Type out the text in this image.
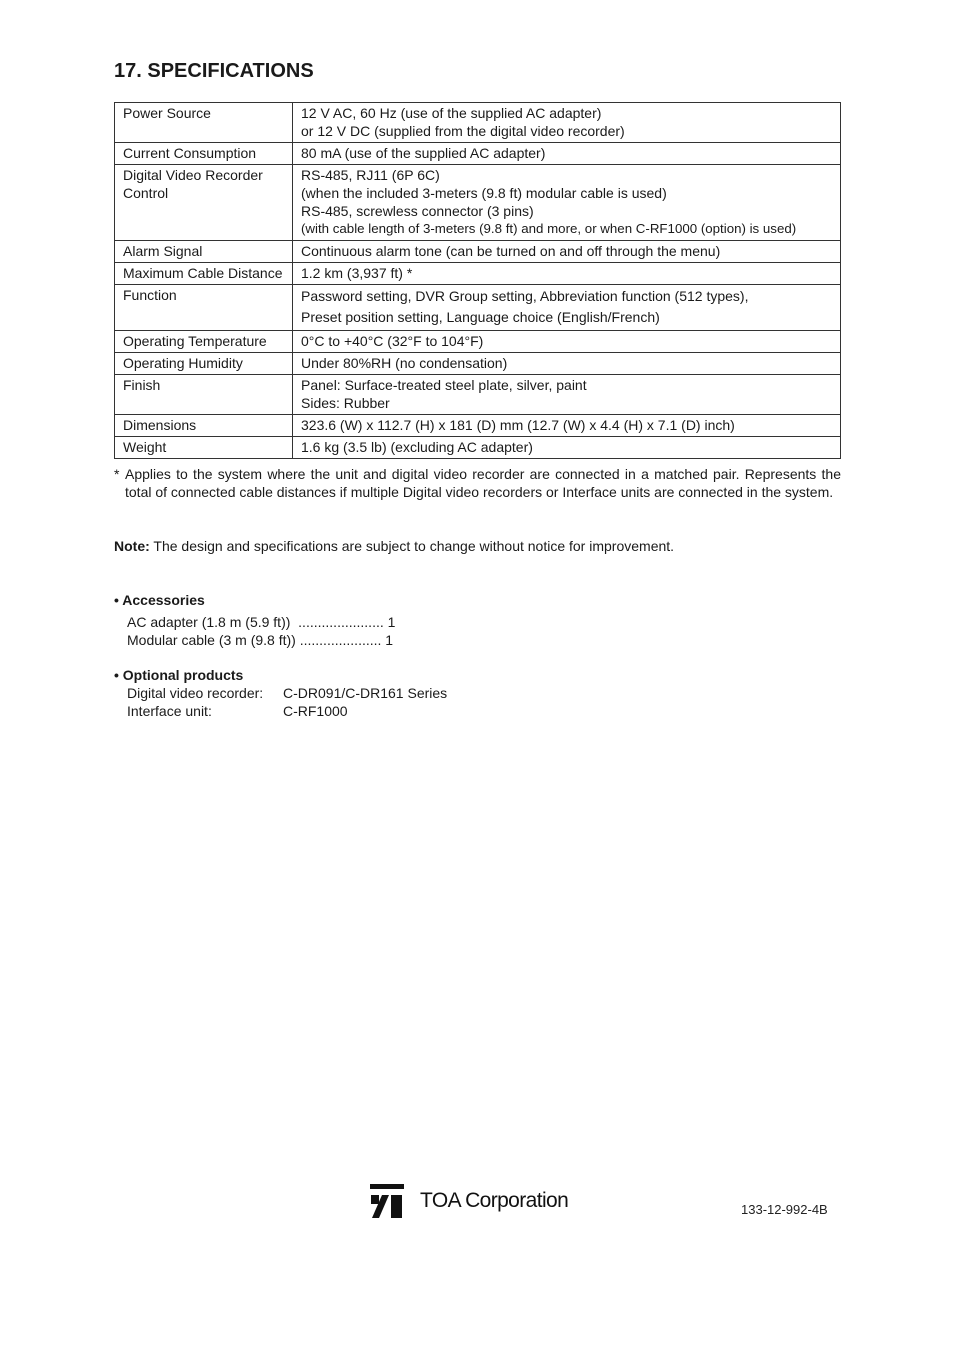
17. SPECIFICATIONS
Power Source	12 V AC, 60 Hz (use of the supplied AC adapter)
or 12 V DC (supplied from the digital video recorder)

Current Consumption	80 mA (use of the supplied AC adapter)

Digital Video Recorder Control	RS-485, RJ11 (6P 6C)
(when the included 3-meters (9.8 ft) modular cable is used)
RS-485, screwless connector (3 pins)
(with cable length of 3-meters (9.8 ft) and more, or when C-RF1000 (option) is used)

Alarm Signal	Continuous alarm tone (can be turned on and off through the menu)

Maximum Cable Distance	1.2 km (3,937 ft) *

Function	Password setting, DVR Group setting, Abbreviation function (512 types),
Preset position setting, Language choice (English/French)

Operating Temperature	0°C to +40°C (32°F to 104°F)

Operating Humidity	Under 80%RH (no condensation)

Finish	Panel: Surface-treated steel plate, silver, paint
Sides: Rubber

Dimensions	323.6 (W) x 112.7 (H) x 181 (D) mm (12.7 (W) x 4.4 (H) x 7.1 (D) inch)

Weight	1.6 kg (3.5 lb) (excluding AC adapter)
* Applies to the system where the unit and digital video recorder are connected in a matched pair. Represents the total of connected cable distances if multiple Digital video recorders or Interface units are connected in the system.
Note: The design and specifications are subject to change without notice for improvement.
• Accessories
AC adapter (1.8 m (5.9 ft))  ...................... 1
Modular cable (3 m (9.8 ft)) ..................... 1
• Optional products
Digital video recorder:	C-DR091/C-DR161 Series
Interface unit:	C-RF1000
TOA Corporation	133-12-992-4B
